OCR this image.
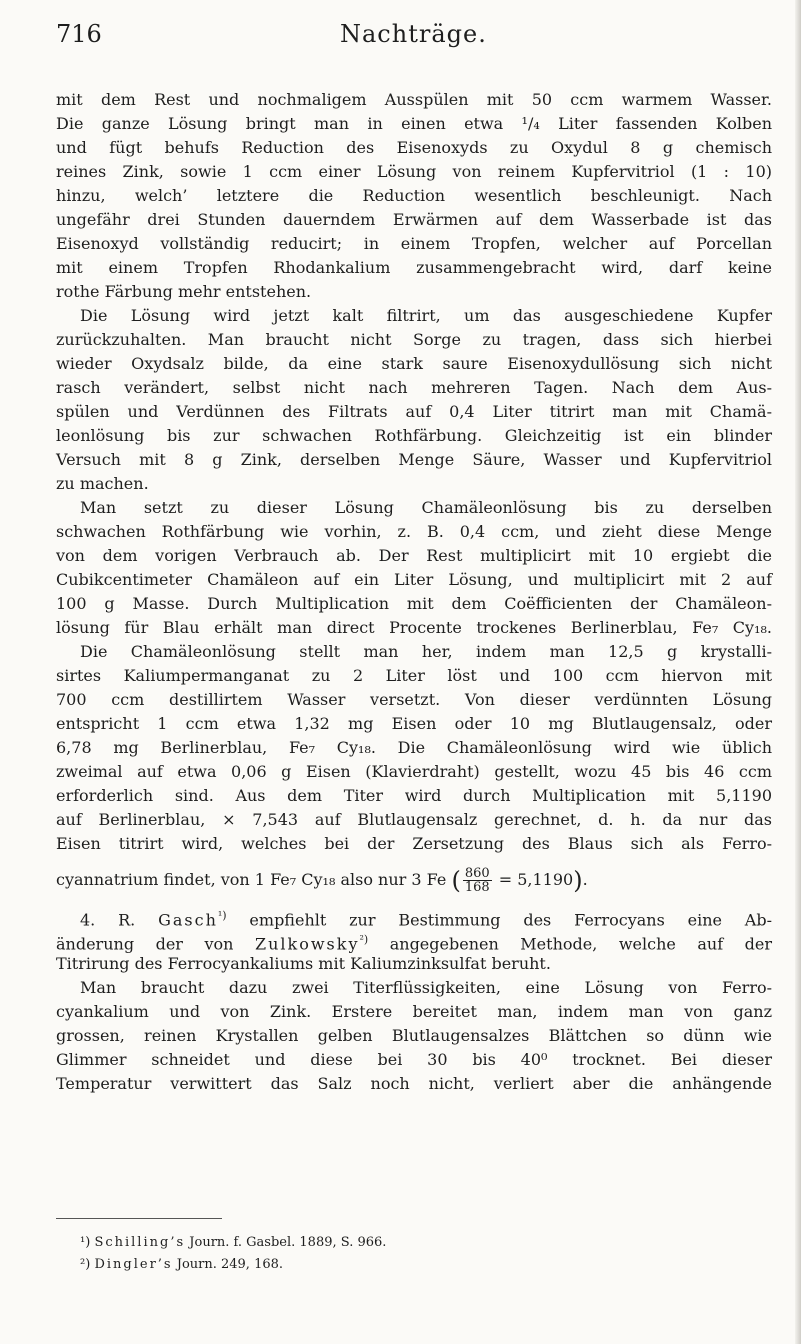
716	Nachträge.
mit dem Rest und nochmaligem Ausspülen mit 50 ccm warmem Wasser.
Die ganze Lösung bringt man in einen etwa ¹/₄ Liter fassenden Kolben
und fügt behufs Reduction des Eisenoxyds zu Oxydul 8 g chemisch
reines Zink, sowie 1 ccm einer Lösung von reinem Kupfervitriol (1 : 10)
hinzu, welch’ letztere die Reduction wesentlich beschleunigt. Nach
ungefähr drei Stunden dauerndem Erwärmen auf dem Wasserbade ist das
Eisenoxyd vollständig reducirt; in einem Tropfen, welcher auf Porcellan
mit einem Tropfen Rhodankalium zusammengebracht wird, darf keine
rothe Färbung mehr entstehen.
Die Lösung wird jetzt kalt filtrirt, um das ausgeschiedene Kupfer
zurückzuhalten. Man braucht nicht Sorge zu tragen, dass sich hierbei
wieder Oxydsalz bilde, da eine stark saure Eisenoxydullösung sich nicht
rasch verändert, selbst nicht nach mehreren Tagen. Nach dem Aus-
spülen und Verdünnen des Filtrats auf 0,4 Liter titrirt man mit Chamä-
leonlösung bis zur schwachen Rothfärbung. Gleichzeitig ist ein blinder
Versuch mit 8 g Zink, derselben Menge Säure, Wasser und Kupfervitriol
zu machen.
Man setzt zu dieser Lösung Chamäleonlösung bis zu derselben
schwachen Rothfärbung wie vorhin, z. B. 0,4 ccm, und zieht diese Menge
von dem vorigen Verbrauch ab. Der Rest multiplicirt mit 10 ergiebt die
Cubikcentimeter Chamäleon auf ein Liter Lösung, und multiplicirt mit 2 auf
100 g Masse. Durch Multiplication mit dem Coëfficienten der Chamäleon-
lösung für Blau erhält man direct Procente trockenes Berlinerblau, Fe₇ Cy₁₈.
Die Chamäleonlösung stellt man her, indem man 12,5 g krystalli-
sirtes Kaliumpermanganat zu 2 Liter löst und 100 ccm hiervon mit
700 ccm destillirtem Wasser versetzt. Von dieser verdünnten Lösung
entspricht 1 ccm etwa 1,32 mg Eisen oder 10 mg Blutlaugensalz, oder
6,78 mg Berlinerblau, Fe₇ Cy₁₈. Die Chamäleonlösung wird wie üblich
zweimal auf etwa 0,06 g Eisen (Klavierdraht) gestellt, wozu 45 bis 46 ccm
erforderlich sind. Aus dem Titer wird durch Multiplication mit 5,1190
auf Berlinerblau, × 7,543 auf Blutlaugensalz gerechnet, d. h. da nur das
Eisen titrirt wird, welches bei der Zersetzung des Blaus sich als Ferro-
cyannatrium findet, von 1 Fe₇ Cy₁₈ also nur 3 Fe ( $\frac{860}{168} = 5,1190$).
4. R. Gasch$^{^1)}$ empfiehlt zur Bestimmung des Ferrocyans eine Ab-
änderung der von Zulkowsky$^{^2)}$ angegebenen Methode, welche auf der
Titrirung des Ferrocyankaliums mit Kaliumzinksulfat beruht.
Man braucht dazu zwei Titerflüssigkeiten, eine Lösung von Ferro-
cyankalium und von Zink. Erstere bereitet man, indem man von ganz
grossen, reinen Krystallen gelben Blutlaugensalzes Blättchen so dünn wie
Glimmer schneidet und diese bei 30 bis 40⁰ trocknet. Bei dieser
Temperatur verwittert das Salz noch nicht, verliert aber die anhängende
¹) Schilling’s Journ. f. Gasbel. 1889, S. 966.
²) Dingler’s Journ. 249, 168.
